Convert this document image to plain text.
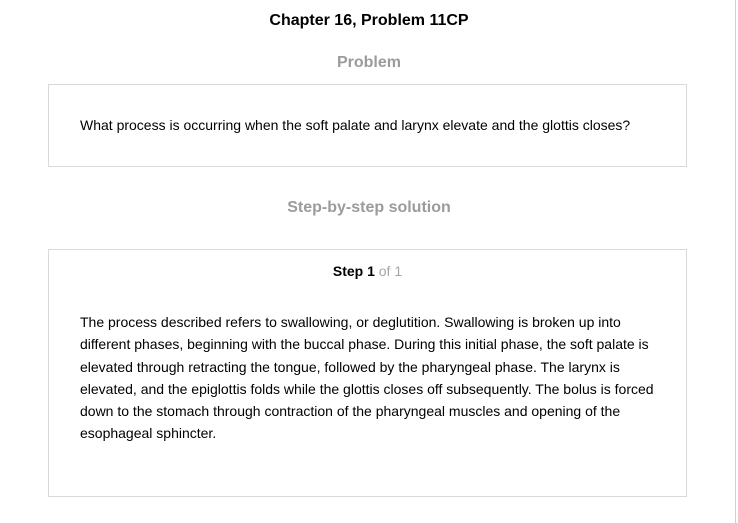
Chapter 16, Problem 11CP
Problem
What process is occurring when the soft palate and larynx elevate and the glottis closes?
Step-by-step solution
Step 1 of 1
The process described refers to swallowing, or deglutition. Swallowing is broken up into different phases, beginning with the buccal phase. During this initial phase, the soft palate is elevated through retracting the tongue, followed by the pharyngeal phase. The larynx is elevated, and the epiglottis folds while the glottis closes off subsequently. The bolus is forced down to the stomach through contraction of the pharyngeal muscles and opening of the esophageal sphincter.
